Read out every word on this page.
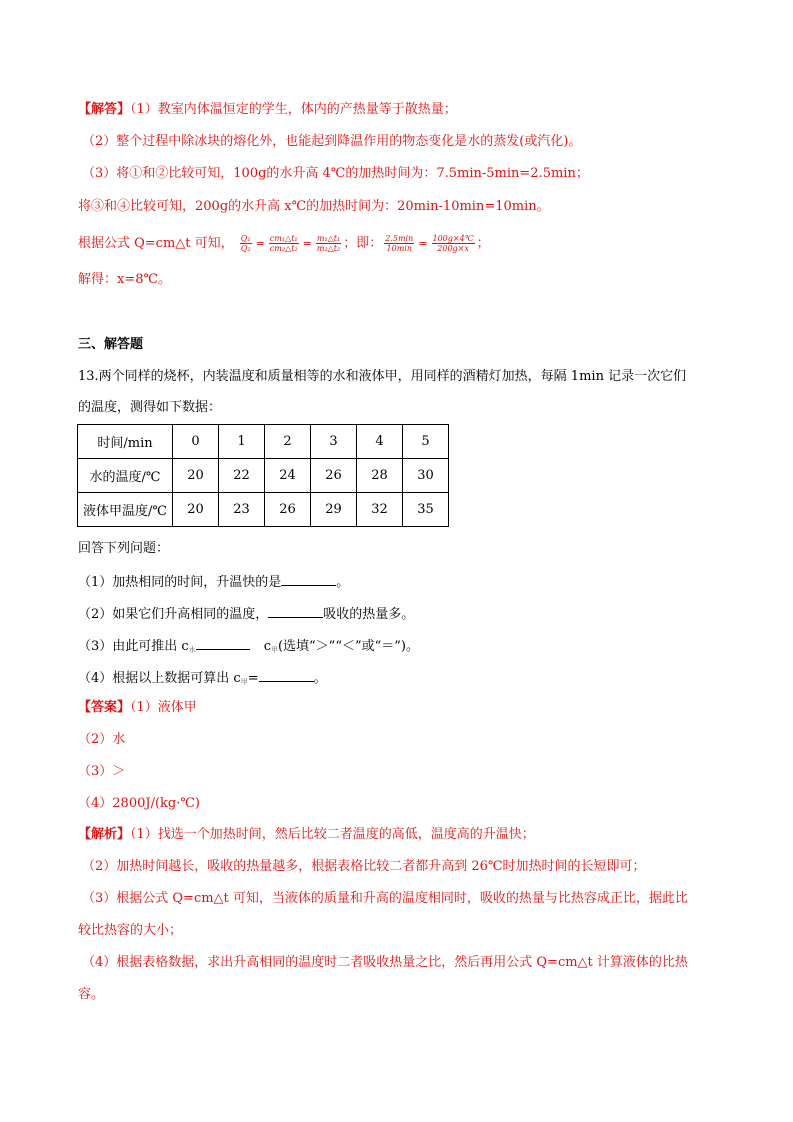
【解答】（1）教室内体温恒定的学生，体内的产热量等于散热量；
（2）整个过程中除冰块的熔化外，也能起到降温作用的物态变化是水的蒸发(或汽化)。
（3）将①和②比较可知，100g的水升高 4℃的加热时间为：7.5min-5min=2.5min；
将③和④比较可知，200g的水升高 x℃的加热时间为：20min-10min=10min。
根据公式 Q=cm△t 可知， $\frac{\text{Q₁}}{\text{Q₂}} = \frac{\text{cm₁△t₁}}{\text{cm₂△t₂}} = \frac{\text{m₁△t₁}}{\text{m₂△t₂}}$ ；即： $\frac{2.5\min}{10\min} = \frac{100g\times 4℃}{200g\times x}$ ；
解得：x=8℃。
三、解答题
13.两个同样的烧杯，内装温度和质量相等的水和液体甲，用同样的酒精灯加热，每隔 1min 记录一次它们
的温度，测得如下数据：
时间/min	0	1	2	3	4	5
水的温度/℃	20	22	24	26	28	30
液体甲温度/℃	20	23	26	29	32	35
回答下列问题：
（1）加热相同的时间，升温快的是	。
（2）如果它们升高相同的温度，	吸收的热量多。
（3）由此可推出 $c_水$	$c_甲$(选填“＞”“＜”或“＝”)。
（4）根据以上数据可算出 $c_甲=$	。
【答案】（1）液体甲
（2）水
（3）＞
（4）2800J/(kg·℃)
【解析】（1）找选一个加热时间，然后比较二者温度的高低，温度高的升温快；
（2）加热时间越长，吸收的热量越多，根据表格比较二者都升高到 26℃时加热时间的长短即可；
（3）根据公式 Q=cm△t 可知，当液体的质量和升高的温度相同时，吸收的热量与比热容成正比，据此比
较比热容的大小；
（4）根据表格数据，求出升高相同的温度时二者吸收热量之比，然后再用公式 Q=cm△t 计算液体的比热
容。
